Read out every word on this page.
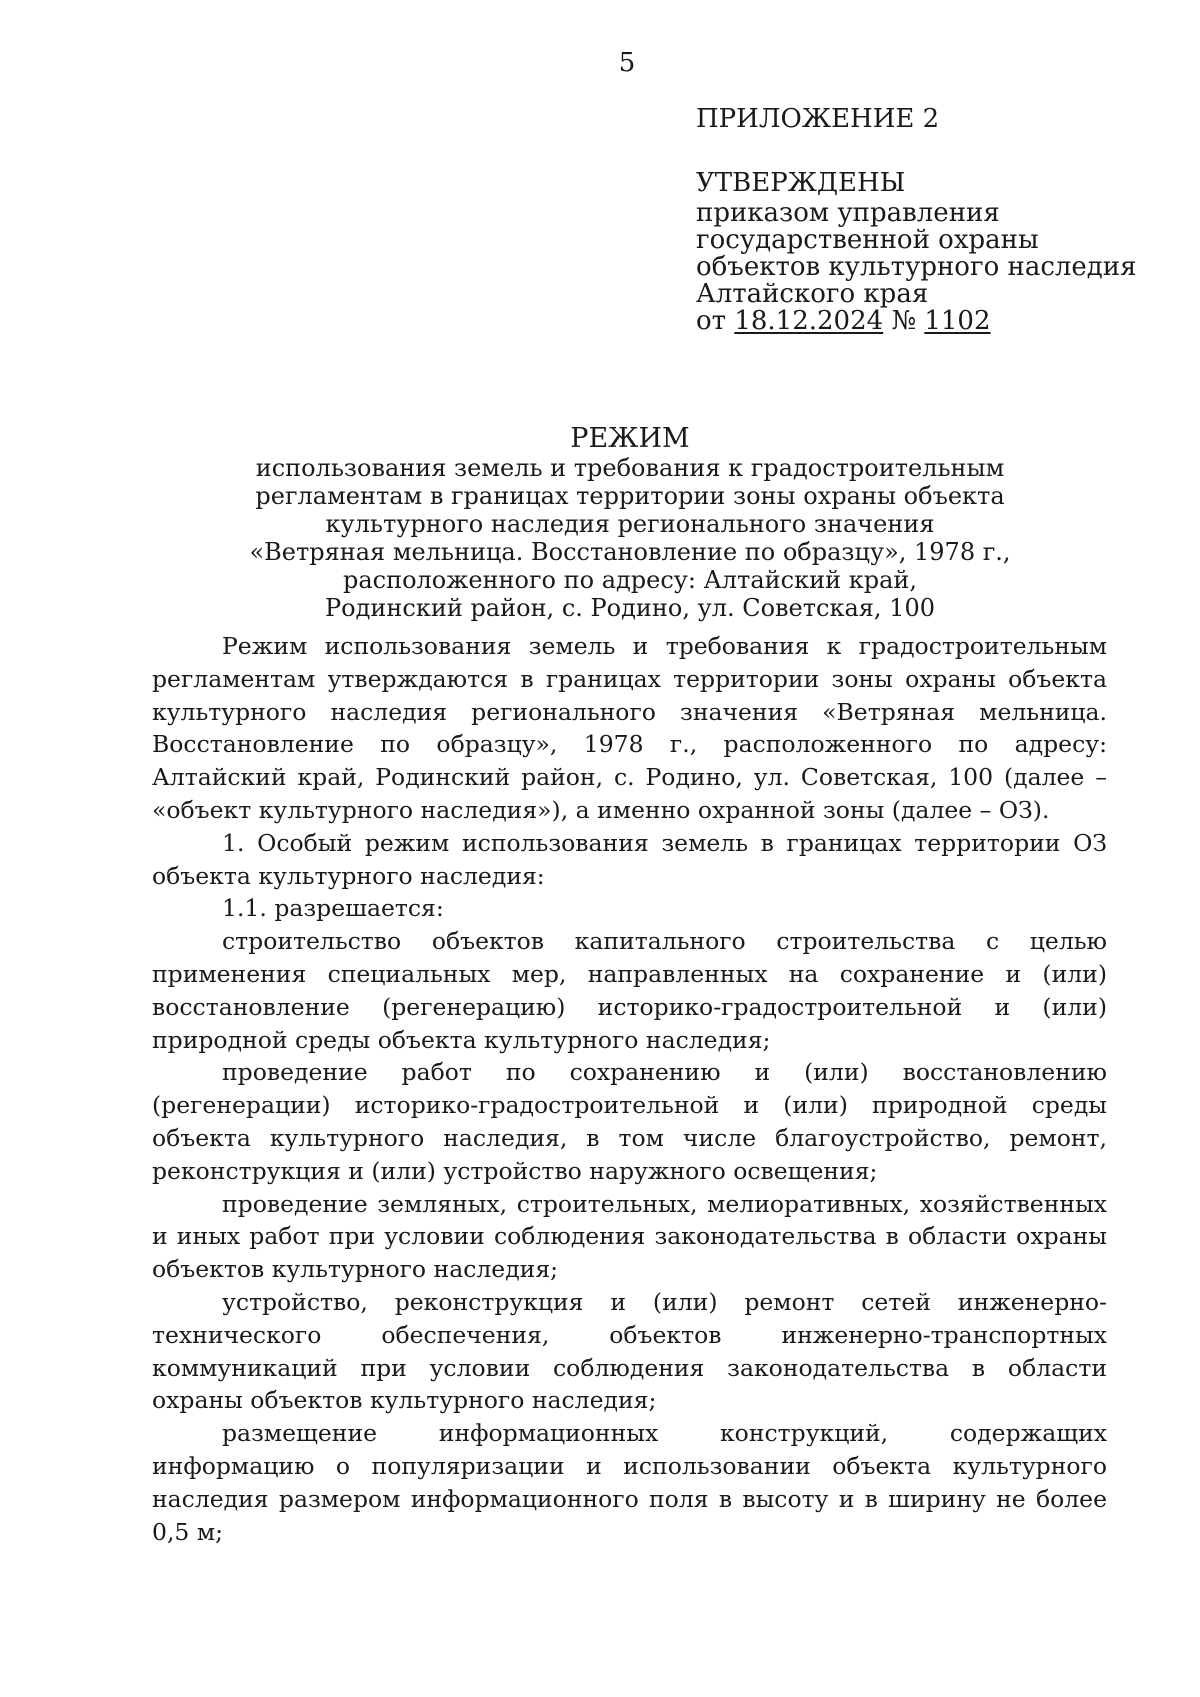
5
ПРИЛОЖЕНИЕ 2
УТВЕРЖДЕНЫ
приказом управления
государственной охраны
объектов культурного наследия
Алтайского края
от 18.12.2024 № 1102
РЕЖИМ
использования земель и требования к градостроительным
регламентам в границах территории зоны охраны объекта
культурного наследия регионального значения
«Ветряная мельница. Восстановление по образцу», 1978 г.,
расположенного по адресу: Алтайский край,
Родинский район, с. Родино, ул. Советская, 100

Режим использования земель и требования к градостроительным регламентам утверждаются в границах территории зоны охраны объекта культурного наследия регионального значения «Ветряная мельница. Восстановление по образцу», 1978 г., расположенного по адресу: Алтайский край, Родинский район, с. Родино, ул. Советская, 100 (далее – «объект культурного наследия»), а именно охранной зоны (далее – ОЗ).

1. Особый режим использования земель в границах территории ОЗ объекта культурного наследия:

1.1. разрешается:

строительство объектов капитального строительства с целью применения специальных мер, направленных на сохранение и (или) восстановление (регенерацию) историко-градостроительной и (или) природной среды объекта культурного наследия;

проведение работ по сохранению и (или) восстановлению (регенерации) историко-градостроительной и (или) природной среды объекта культурного наследия, в том числе благоустройство, ремонт, реконструкция и (или) устройство наружного освещения;

проведение земляных, строительных, мелиоративных, хозяйственных и иных работ при условии соблюдения законодательства в области охраны объектов культурного наследия;

устройство, реконструкция и (или) ремонт сетей инженерно-технического обеспечения, объектов инженерно-транспортных коммуникаций при условии соблюдения законодательства в области охраны объектов культурного наследия;

размещение информационных конструкций, содержащих информацию о популяризации и использовании объекта культурного наследия размером информационного поля в высоту и в ширину не более 0,5 м;
